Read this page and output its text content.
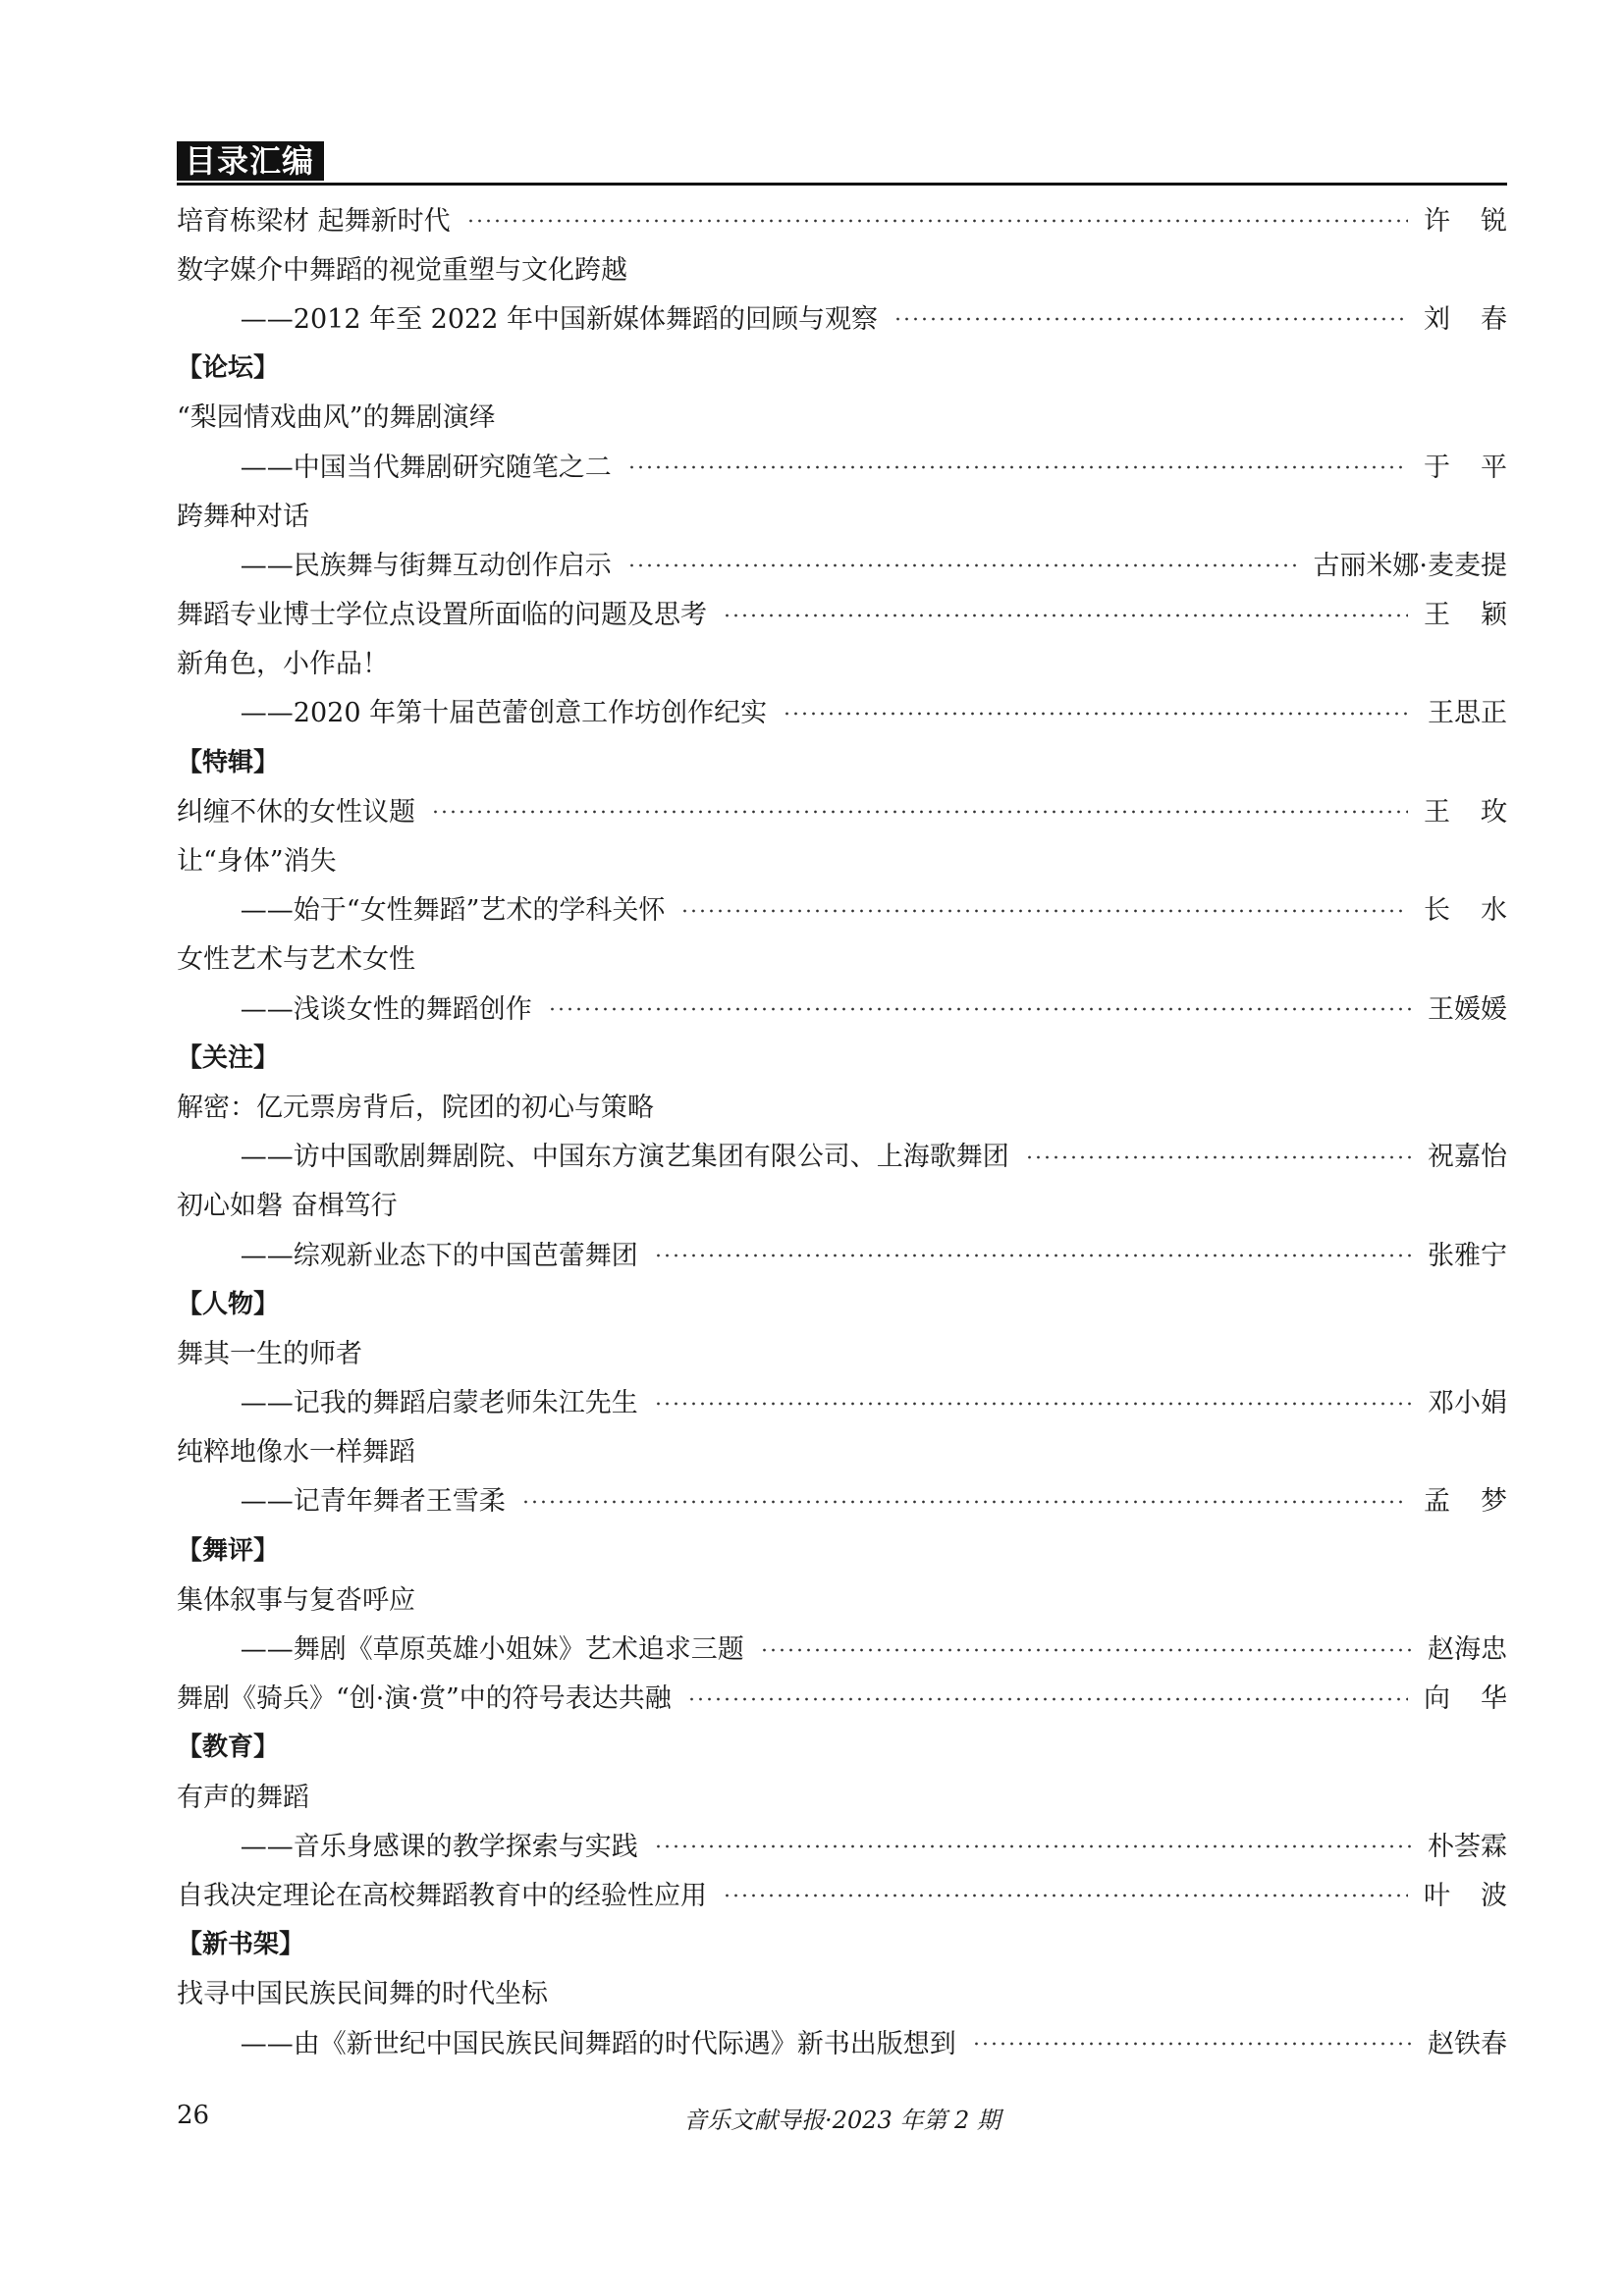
目录汇编
培育栋梁材 起舞新时代	许 锐
数字媒介中舞蹈的视觉重塑与文化跨越
——2012 年至 2022 年中国新媒体舞蹈的回顾与观察	刘 春
【论坛】
“梨园情戏曲风”的舞剧演绎
——中国当代舞剧研究随笔之二	于 平
跨舞种对话
——民族舞与街舞互动创作启示	古丽米娜·麦麦提
舞蹈专业博士学位点设置所面临的问题及思考	王 颖
新角色，小作品！
——2020 年第十届芭蕾创意工作坊创作纪实	王思正
【特辑】
纠缠不休的女性议题	王 玫
让“身体”消失
——始于“女性舞蹈”艺术的学科关怀	长 水
女性艺术与艺术女性
——浅谈女性的舞蹈创作	王媛媛
【关注】
解密：亿元票房背后，院团的初心与策略
——访中国歌剧舞剧院、中国东方演艺集团有限公司、上海歌舞团	祝嘉怡
初心如磐 奋楫笃行
——综观新业态下的中国芭蕾舞团	张雅宁
【人物】
舞其一生的师者
——记我的舞蹈启蒙老师朱江先生	邓小娟
纯粹地像水一样舞蹈
——记青年舞者王雪柔	孟 梦
【舞评】
集体叙事与复沓呼应
——舞剧《草原英雄小姐妹》艺术追求三题	赵海忠
舞剧《骑兵》“创·演·赏”中的符号表达共融	向 华
【教育】
有声的舞蹈
——音乐身感课的教学探索与实践	朴荟霖
自我决定理论在高校舞蹈教育中的经验性应用	叶 波
【新书架】
找寻中国民族民间舞的时代坐标
——由《新世纪中国民族民间舞蹈的时代际遇》新书出版想到	赵铁春
26	音乐文献导报·2023 年第 2 期
